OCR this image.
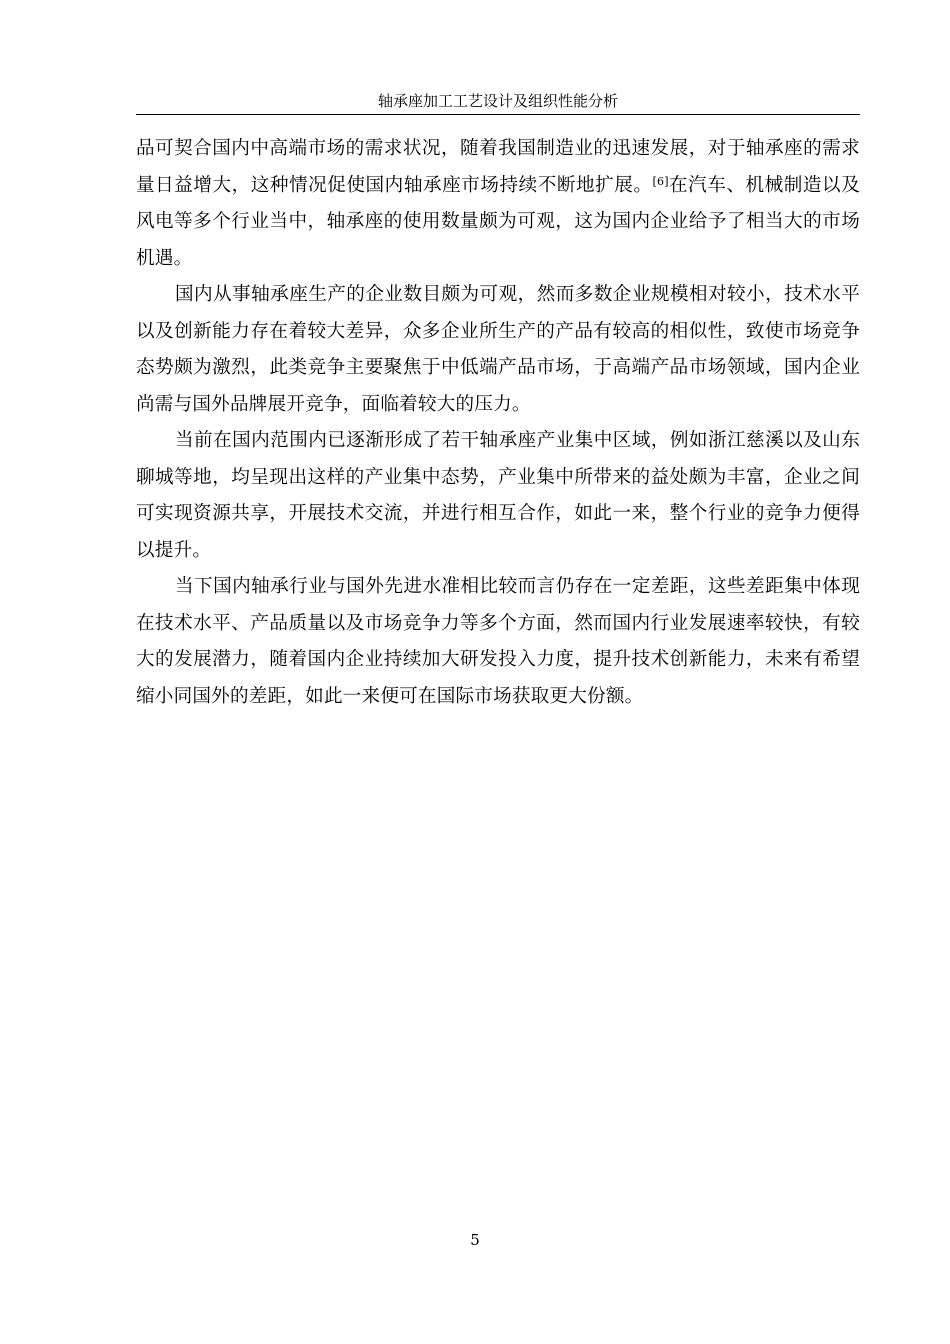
轴承座加工工艺设计及组织性能分析

品可契合国内中高端市场的需求状况，随着我国制造业的迅速发展，对于轴承座的需求量日益增大，这种情况促使国内轴承座市场持续不断地扩展。[6]在汽车、机械制造以及风电等多个行业当中，轴承座的使用数量颇为可观，这为国内企业给予了相当大的市场机遇。

国内从事轴承座生产的企业数目颇为可观，然而多数企业规模相对较小，技术水平以及创新能力存在着较大差异，众多企业所生产的产品有较高的相似性，致使市场竞争态势颇为激烈，此类竞争主要聚焦于中低端产品市场，于高端产品市场领域，国内企业尚需与国外品牌展开竞争，面临着较大的压力。

当前在国内范围内已逐渐形成了若干轴承座产业集中区域，例如浙江慈溪以及山东聊城等地，均呈现出这样的产业集中态势，产业集中所带来的益处颇为丰富，企业之间可实现资源共享，开展技术交流，并进行相互合作，如此一来，整个行业的竞争力便得以提升。

当下国内轴承行业与国外先进水准相比较而言仍存在一定差距，这些差距集中体现在技术水平、产品质量以及市场竞争力等多个方面，然而国内行业发展速率较快，有较大的发展潜力，随着国内企业持续加大研发投入力度，提升技术创新能力，未来有希望缩小同国外的差距，如此一来便可在国际市场获取更大份额。

5
